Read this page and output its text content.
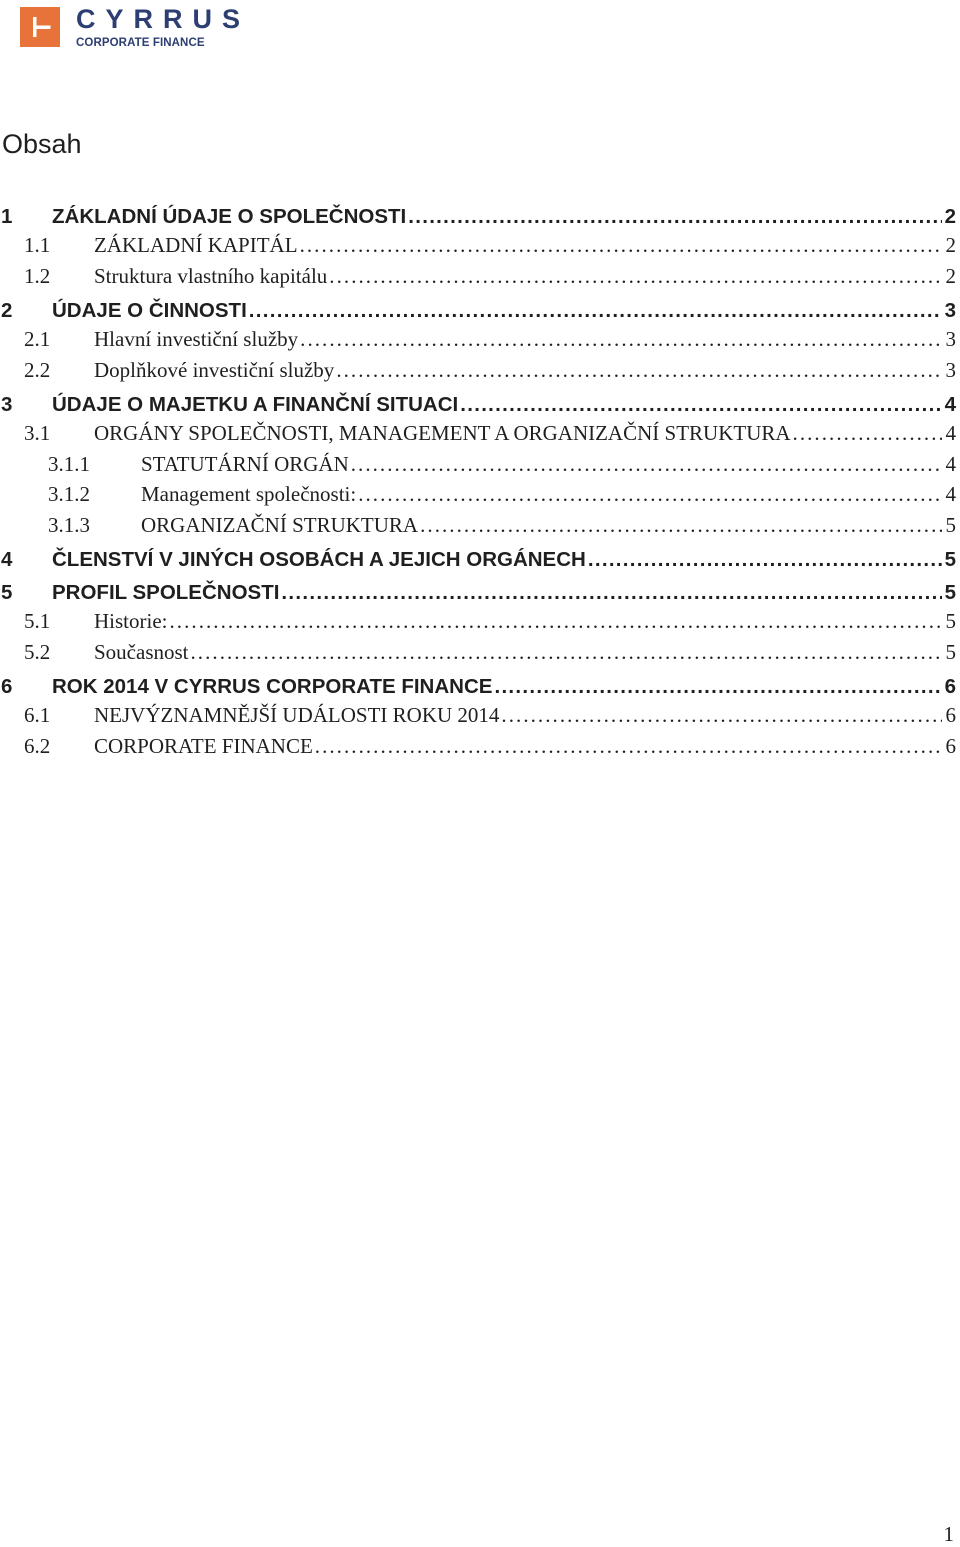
CYRRUS
CORPORATE FINANCE
Obsah
1	ZÁKLADNÍ ÚDAJE O SPOLEČNOSTI . . .	2
1.1	ZÁKLADNÍ KAPITÁL . . .	2
1.2	Struktura vlastního kapitálu . . .	2
2	ÚDAJE O ČINNOSTI . . .	3
2.1	Hlavní investiční služby . . .	3
2.2	Doplňkové investiční služby . . .	3
3	ÚDAJE O MAJETKU A FINANČNÍ SITUACI . . .	4
3.1	ORGÁNY SPOLEČNOSTI, MANAGEMENT A ORGANIZAČNÍ STRUKTURA . . .	4
3.1.1	STATUTÁRNÍ ORGÁN . . .	4
3.1.2	Management společnosti: . . .	4
3.1.3	ORGANIZAČNÍ STRUKTURA . . .	5
4	ČLENSTVÍ V JINÝCH OSOBÁCH A JEJICH ORGÁNECH . . .	5
5	PROFIL SPOLEČNOSTI . . .	5
5.1	Historie: . . .	5
5.2	Současnost . . .	5
6	ROK 2014 V CYRRUS CORPORATE FINANCE . . .	6
6.1	NEJVÝZNAMNĚJŠÍ UDÁLOSTI ROKU 2014 . . .	6
6.2	CORPORATE FINANCE . . .	6
1
